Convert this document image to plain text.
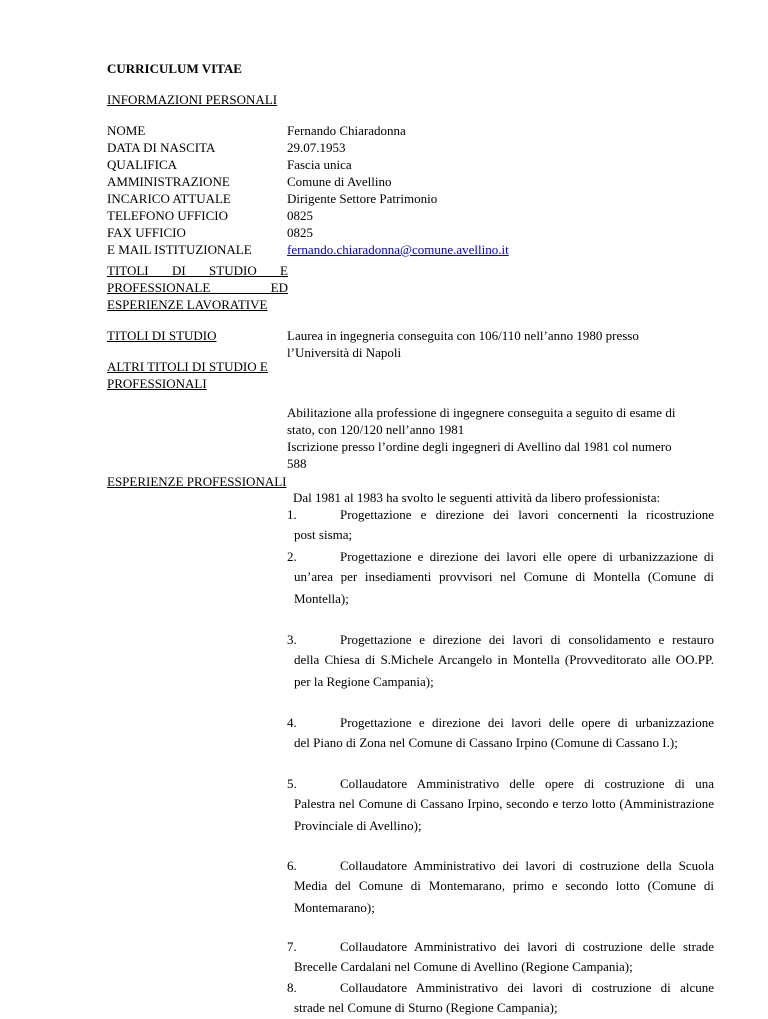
CURRICULUM VITAE
INFORMAZIONI PERSONALI
NOME	Fernando Chiaradonna
DATA DI NASCITA	29.07.1953
QUALIFICA	Fascia unica
AMMINISTRAZIONE	Comune di Avellino
INCARICO ATTUALE	Dirigente Settore Patrimonio
TELEFONO UFFICIO	0825
FAX UFFICIO	0825
E MAIL ISTITUZIONALE	fernando.chiaradonna@comune.avellino.it
TITOLI DI STUDIO E
PROFESSIONALE ED
ESPERIENZE LAVORATIVE
TITOLI DI STUDIO	Laurea in ingegneria conseguita con 106/110 nell’anno 1980 presso
l’Università di Napoli
ALTRI TITOLI DI STUDIO E
PROFESSIONALI
Abilitazione alla professione di ingegnere conseguita a seguito di esame di
stato, con 120/120 nell’anno 1981
Iscrizione presso l’ordine degli ingegneri di Avellino dal 1981 col numero
588
ESPERIENZE PROFESSIONALI
Dal 1981 al 1983 ha svolto le seguenti attività da libero professionista:
1.	Progettazione e direzione dei lavori concernenti la ricostruzione
post sisma;
2.	Progettazione e direzione dei lavori elle opere di urbanizzazione di
un’area per insediamenti provvisori nel Comune di Montella (Comune di Montella);
3.	Progettazione e direzione dei lavori di consolidamento e restauro
della Chiesa di S.Michele Arcangelo in Montella (Provveditorato alle OO.PP. per la Regione Campania);
4.	Progettazione e direzione dei lavori delle opere di urbanizzazione
del Piano di Zona nel Comune di Cassano Irpino (Comune di Cassano I.);
5.	Collaudatore Amministrativo delle opere di costruzione di una
Palestra nel Comune di Cassano Irpino, secondo e terzo lotto (Amministrazione Provinciale di Avellino);
6.	Collaudatore Amministrativo dei lavori di costruzione della Scuola
Media del Comune di Montemarano, primo e secondo lotto (Comune di Montemarano);
7.	Collaudatore Amministrativo dei lavori di costruzione delle strade
Brecelle Cardalani nel Comune di Avellino (Regione Campania);
8.	Collaudatore Amministrativo dei lavori di costruzione di alcune
strade nel Comune di Sturno (Regione Campania);
